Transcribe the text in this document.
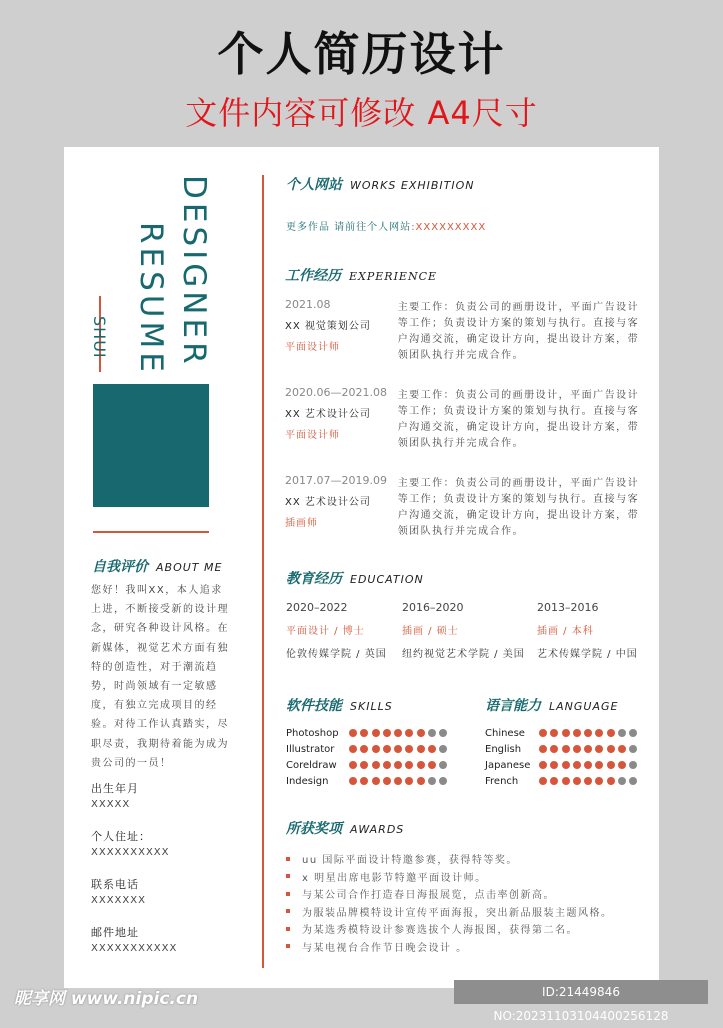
个人简历设计
文件内容可修改 A4尺寸
DESIGNER
RESUME
SHUI
自我评价 ABOUT ME
您好！我叫XX，本人追求上进，不断接受新的设计理念，研究各种设计风格。在新媒体，视觉艺术方面有独特的创造性，对于潮流趋势，时尚领域有一定敏感度，有独立完成项目的经验。对待工作认真踏实，尽职尽责，我期待着能为成为贵公司的一员！
出生年月
XXXXX
个人住址：
XXXXXXXXXX
联系电话
XXXXXXX
邮件地址
XXXXXXXXXXX
个人网站 WORKS EXHIBITION
更多作品 请前往个人网站:XXXXXXXXX
工作经历 EXPERIENCE
2021.08
XX 视觉策划公司
平面设计师
主要工作：负责公司的画册设计，平面广告设计等工作；负责设计方案的策划与执行。直接与客户沟通交流，确定设计方向，提出设计方案，带领团队执行并完成合作。
2020.06—2021.08
XX 艺术设计公司
平面设计师
主要工作：负责公司的画册设计，平面广告设计等工作；负责设计方案的策划与执行。直接与客户沟通交流，确定设计方向，提出设计方案，带领团队执行并完成合作。
2017.07—2019.09
XX 艺术设计公司
插画师
主要工作：负责公司的画册设计，平面广告设计等工作；负责设计方案的策划与执行。直接与客户沟通交流，确定设计方向，提出设计方案，带领团队执行并完成合作。
教育经历 EDUCATION
2020–2022
平面设计 / 博士
伦敦传媒学院 / 英国
2016–2020
插画 / 硕士
纽约视觉艺术学院 / 美国
2013–2016
插画 / 本科
艺术传媒学院 / 中国
软件技能 SKILLS
Photoshop
Illustrator
Coreldraw
Indesign
语言能力 LANGUAGE
Chinese
English
Japanese
French
所获奖项 AWARDS
uu 国际平面设计特邀参赛，获得特等奖。
x 明星出席电影节特邀平面设计师。
与某公司合作打造春日海报展览，点击率创新高。
为服装品牌模特设计宣传平面海报，突出新品服装主题风格。
为某选秀模特设计参赛选拔个人海报图，获得第二名。
与某电视台合作节日晚会设计 。
昵享网 www.nipic.cn	ID:21449846 NO:20231103104400256128
